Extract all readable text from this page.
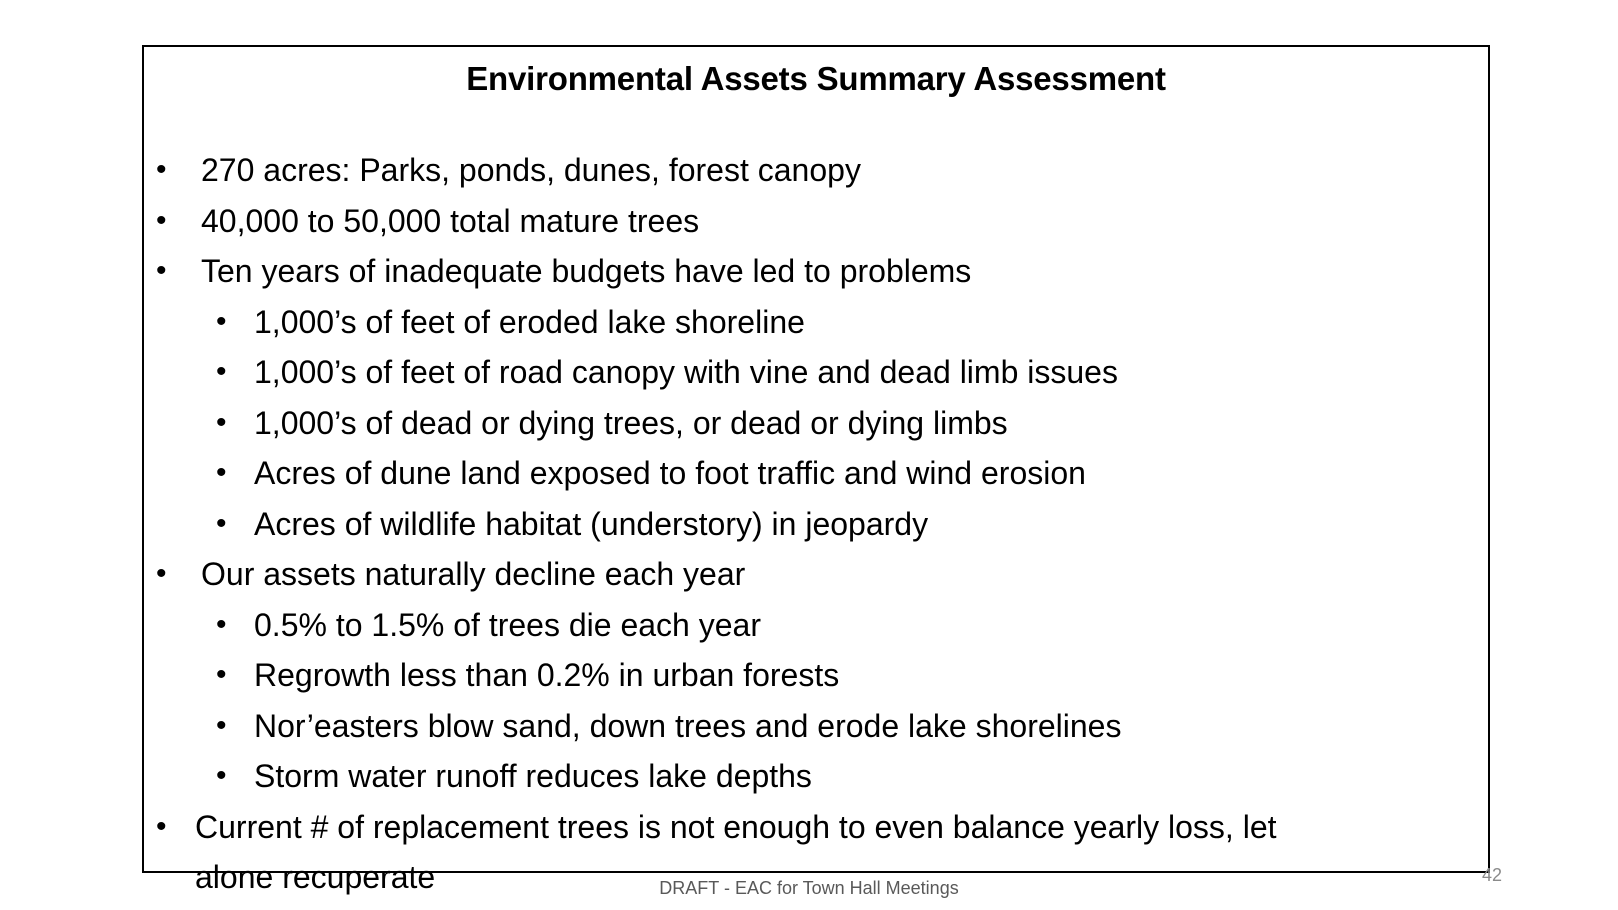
Environmental Assets Summary Assessment
• 270 acres: Parks, ponds, dunes, forest canopy
• 40,000 to 50,000 total mature trees
• Ten years of inadequate budgets have led to problems
• 1,000’s of feet of eroded lake shoreline
• 1,000’s of feet of road canopy with vine and dead limb issues
• 1,000’s of dead or dying trees, or dead or dying limbs
• Acres of dune land exposed to foot traffic and wind erosion
• Acres of wildlife habitat (understory) in jeopardy
• Our assets naturally decline each year
• 0.5% to 1.5% of trees die each year
• Regrowth less than 0.2% in urban forests
• Nor’easters blow sand, down trees and erode lake shorelines
• Storm water runoff reduces lake depths
• Current # of replacement trees is not enough to even balance yearly loss, let
alone recuperate	DRAFT - EAC for Town Hall Meetings
42
